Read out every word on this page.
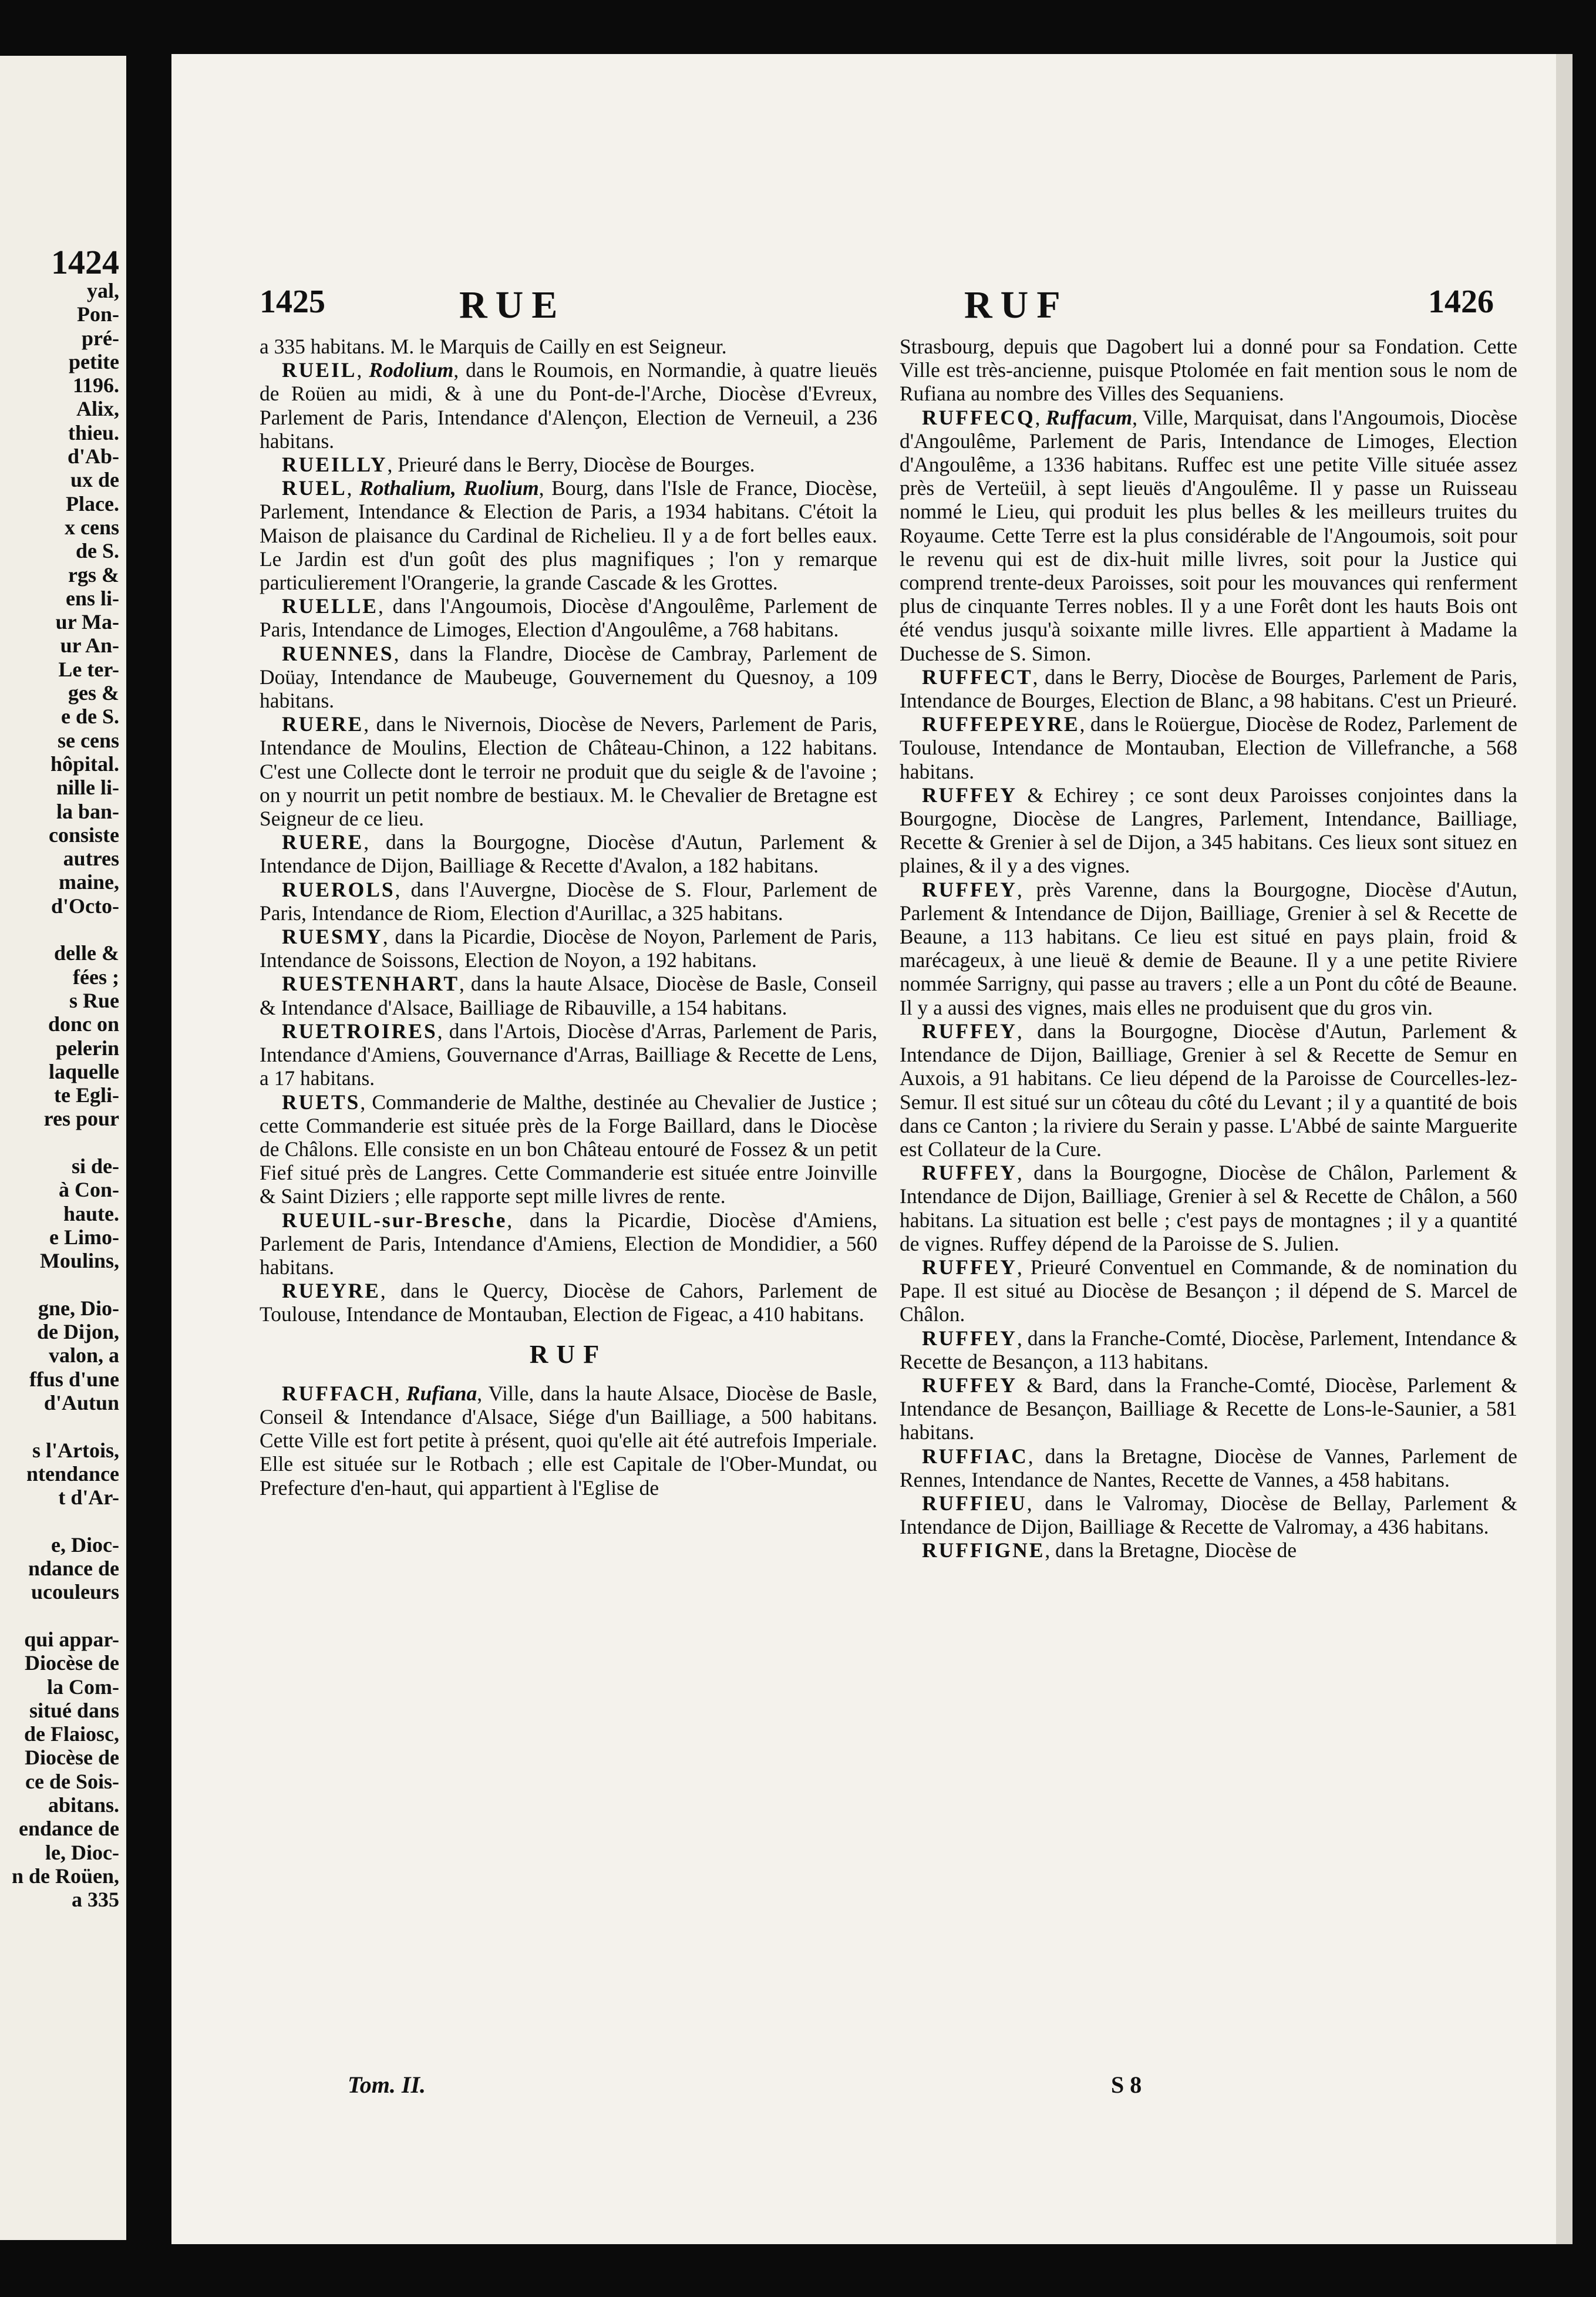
1424
yal,
Pon-
pré-
petite
1196.
Alix,
thieu.
d'Ab-
ux de
Place.
x cens
de S.
rgs &
ens li-
ur Ma-
ur An-
Le ter-
ges &
e de S.
se cens
hôpital.
nille li-
la ban-
consiste
autres
maine,
d'Octo-

delle &
fées ;
s Rue
donc on
pelerin
laquelle
te Egli-
res pour

si de-
à Con-
haute.
e Limo-
Moulins,

gne, Dio-
de Dijon,
valon, a
ffus d'une
d'Autun

s l'Artois,
ntendance
t d'Ar-

e, Dioc-
ndance de
ucouleurs

qui appar-
Diocèse de
la Com-
situé dans
de Flaiosc,
Diocèse de
ce de Sois-
abitans.
endance de
le, Dioc-
n de Roüen,
a 335
1425	RUE	RUF	1426

a 335 habitans. M. le Marquis de Cailly en est Seigneur.

RUEIL, Rodolium, dans le Roumois, en Normandie, à quatre lieuës de Roüen au midi, & à une du Pont-de-l'Arche, Diocèse d'Evreux, Parlement de Paris, Intendance d'Alençon, Election de Verneuil, a 236 habitans.

RUEILLY, Prieuré dans le Berry, Diocèse de Bourges.

RUEL, Rothalium, Ruolium, Bourg, dans l'Isle de France, Diocèse, Parlement, Intendance & Election de Paris, a 1934 habitans. C'étoit la Maison de plaisance du Cardinal de Richelieu. Il y a de fort belles eaux. Le Jardin est d'un goût des plus magnifiques ; l'on y remarque particulierement l'Orangerie, la grande Cascade & les Grottes.

RUELLE, dans l'Angoumois, Diocèse d'Angoulême, Parlement de Paris, Intendance de Limoges, Election d'Angoulême, a 768 habitans.

RUENNES, dans la Flandre, Diocèse de Cambray, Parlement de Doüay, Intendance de Maubeuge, Gouvernement du Quesnoy, a 109 habitans.

RUERE, dans le Nivernois, Diocèse de Nevers, Parlement de Paris, Intendance de Moulins, Election de Château-Chinon, a 122 habitans. C'est une Collecte dont le terroir ne produit que du seigle & de l'avoine ; on y nourrit un petit nombre de bestiaux. M. le Chevalier de Bretagne est Seigneur de ce lieu.

RUERE, dans la Bourgogne, Diocèse d'Autun, Parlement & Intendance de Dijon, Bailliage & Recette d'Avalon, a 182 habitans.

RUEROLS, dans l'Auvergne, Diocèse de S. Flour, Parlement de Paris, Intendance de Riom, Election d'Aurillac, a 325 habitans.

RUESMY, dans la Picardie, Diocèse de Noyon, Parlement de Paris, Intendance de Soissons, Election de Noyon, a 192 habitans.

RUESTENHART, dans la haute Alsace, Diocèse de Basle, Conseil & Intendance d'Alsace, Bailliage de Ribauville, a 154 habitans.

RUETROIRES, dans l'Artois, Diocèse d'Arras, Parlement de Paris, Intendance d'Amiens, Gouvernance d'Arras, Bailliage & Recette de Lens, a 17 habitans.

RUETS, Commanderie de Malthe, destinée au Chevalier de Justice ; cette Commanderie est située près de la Forge Baillard, dans le Diocèse de Châlons. Elle consiste en un bon Château entouré de Fossez & un petit Fief situé près de Langres. Cette Commanderie est située entre Joinville & Saint Diziers ; elle rapporte sept mille livres de rente.

RUEUIL-sur-Bresche, dans la Picardie, Diocèse d'Amiens, Parlement de Paris, Intendance d'Amiens, Election de Mondidier, a 560 habitans.

RUEYRE, dans le Quercy, Diocèse de Cahors, Parlement de Toulouse, Intendance de Montauban, Election de Figeac, a 410 habitans.

RUF

RUFFACH, Rufiana, Ville, dans la haute Alsace, Diocèse de Basle, Conseil & Intendance d'Alsace, Siége d'un Bailliage, a 500 habitans. Cette Ville est fort petite à présent, quoi qu'elle ait été autrefois Imperiale. Elle est située sur le Rotbach ; elle est Capitale de l'Ober-Mundat, ou Prefecture d'en-haut, qui appartient à l'Eglise de

Strasbourg, depuis que Dagobert lui a donné pour sa Fondation. Cette Ville est très-ancienne, puisque Ptolomée en fait mention sous le nom de Rufiana au nombre des Villes des Sequaniens.

RUFFECQ, Ruffacum, Ville, Marquisat, dans l'Angoumois, Diocèse d'Angoulême, Parlement de Paris, Intendance de Limoges, Election d'Angoulême, a 1336 habitans. Ruffec est une petite Ville située assez près de Verteüil, à sept lieuës d'Angoulême. Il y passe un Ruisseau nommé le Lieu, qui produit les plus belles & les meilleurs truites du Royaume. Cette Terre est la plus considérable de l'Angoumois, soit pour le revenu qui est de dix-huit mille livres, soit pour la Justice qui comprend trente-deux Paroisses, soit pour les mouvances qui renferment plus de cinquante Terres nobles. Il y a une Forêt dont les hauts Bois ont été vendus jusqu'à soixante mille livres. Elle appartient à Madame la Duchesse de S. Simon.

RUFFECT, dans le Berry, Diocèse de Bourges, Parlement de Paris, Intendance de Bourges, Election de Blanc, a 98 habitans. C'est un Prieuré.

RUFFEPEYRE, dans le Roüergue, Diocèse de Rodez, Parlement de Toulouse, Intendance de Montauban, Election de Villefranche, a 568 habitans.

RUFFEY & Echirey ; ce sont deux Paroisses conjointes dans la Bourgogne, Diocèse de Langres, Parlement, Intendance, Bailliage, Recette & Grenier à sel de Dijon, a 345 habitans. Ces lieux sont situez en plaines, & il y a des vignes.

RUFFEY, près Varenne, dans la Bourgogne, Diocèse d'Autun, Parlement & Intendance de Dijon, Bailliage, Grenier à sel & Recette de Beaune, a 113 habitans. Ce lieu est situé en pays plain, froid & marécageux, à une lieuë & demie de Beaune. Il y a une petite Riviere nommée Sarrigny, qui passe au travers ; elle a un Pont du côté de Beaune. Il y a aussi des vignes, mais elles ne produisent que du gros vin.

RUFFEY, dans la Bourgogne, Diocèse d'Autun, Parlement & Intendance de Dijon, Bailliage, Grenier à sel & Recette de Semur en Auxois, a 91 habitans. Ce lieu dépend de la Paroisse de Courcelles-lez-Semur. Il est situé sur un côteau du côté du Levant ; il y a quantité de bois dans ce Canton ; la riviere du Serain y passe. L'Abbé de sainte Marguerite est Collateur de la Cure.

RUFFEY, dans la Bourgogne, Diocèse de Châlon, Parlement & Intendance de Dijon, Bailliage, Grenier à sel & Recette de Châlon, a 560 habitans. La situation est belle ; c'est pays de montagnes ; il y a quantité de vignes. Ruffey dépend de la Paroisse de S. Julien.

RUFFEY, Prieuré Conventuel en Commande, & de nomination du Pape. Il est situé au Diocèse de Besançon ; il dépend de S. Marcel de Châlon.

RUFFEY, dans la Franche-Comté, Diocèse, Parlement, Intendance & Recette de Besançon, a 113 habitans.

RUFFEY & Bard, dans la Franche-Comté, Diocèse, Parlement & Intendance de Besançon, Bailliage & Recette de Lons-le-Saunier, a 581 habitans.

RUFFIAC, dans la Bretagne, Diocèse de Vannes, Parlement de Rennes, Intendance de Nantes, Recette de Vannes, a 458 habitans.

RUFFIEU, dans le Valromay, Diocèse de Bellay, Parlement & Intendance de Dijon, Bailliage & Recette de Valromay, a 436 habitans.

RUFFIGNE, dans la Bretagne, Diocèse de

Tom. II.	S 8
